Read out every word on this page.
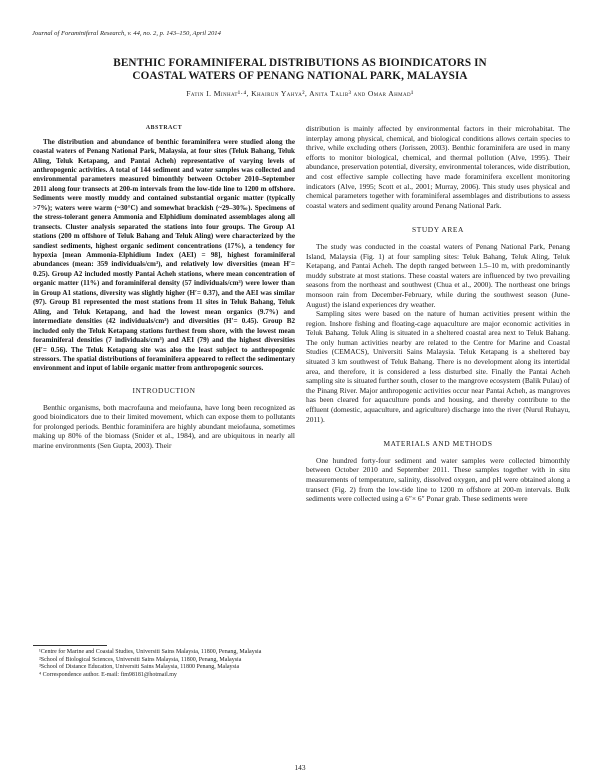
Journal of Foraminiferal Research, v. 44, no. 2, p. 143–150, April 2014
BENTHIC FORAMINIFERAL DISTRIBUTIONS AS BIOINDICATORS IN
COASTAL WATERS OF PENANG NATIONAL PARK, MALAYSIA
Fatin I. Minhat¹·⁴, Khairun Yahya², Anita Talib³ and Omar Ahmad¹
ABSTRACT

The distribution and abundance of benthic foraminifera were studied along the coastal waters of Penang National Park, Malaysia, at four sites (Teluk Bahang, Teluk Aling, Teluk Ketapang, and Pantai Acheh) representative of varying levels of anthropogenic activities. A total of 144 sediment and water samples was collected and environmental parameters measured bimonthly between October 2010–September 2011 along four transects at 200-m intervals from the low-tide line to 1200 m offshore. Sediments were mostly muddy and contained substantial organic matter (typically >7%); waters were warm (~30°C) and somewhat brackish (~29–30‰). Specimens of the stress-tolerant genera Ammonia and Elphidium dominated assemblages along all transects. Cluster analysis separated the stations into four groups. The Group A1 stations (200 m offshore of Teluk Bahang and Teluk Aling) were characterized by the sandiest sediments, highest organic sediment concentrations (17%), a tendency for hypoxia [mean Ammonia-Elphidium Index (AEI) = 98], highest foraminiferal abundances (mean: 359 individuals/cm³), and relatively low diversities (mean H′= 0.25). Group A2 included mostly Pantai Acheh stations, where mean concentration of organic matter (11%) and foraminiferal density (57 individuals/cm³) were lower than in Group A1 stations, diversity was slightly higher (H′= 0.37), and the AEI was similar (97). Group B1 represented the most stations from 11 sites in Teluk Bahang, Teluk Aling, and Teluk Ketapang, and had the lowest mean organics (9.7%) and intermediate densities (42 individuals/cm³) and diversities (H′= 0.45). Group B2 included only the Teluk Ketapang stations furthest from shore, with the lowest mean foraminiferal densities (7 individuals/cm³) and AEI (79) and the highest diversities (H′= 0.56). The Teluk Ketapang site was also the least subject to anthropogenic stressors. The spatial distributions of foraminifera appeared to reflect the sedimentary environment and input of labile organic matter from anthropogenic sources.

INTRODUCTION

Benthic organisms, both macrofauna and meiofauna, have long been recognized as good bioindicators due to their limited movement, which can expose them to pollutants for prolonged periods. Benthic foraminifera are highly abundant meiofauna, sometimes making up 80% of the biomass (Snider et al., 1984), and are ubiquitous in nearly all marine environments (Sen Gupta, 2003). Their

¹Centre for Marine and Coastal Studies, Universiti Sains Malaysia, 11800, Penang, Malaysia

²School of Biological Sciences, Universiti Sains Malaysia, 11800, Penang, Malaysia

³School of Distance Education, Universiti Sains Malaysia, 11800 Penang, Malaysia

⁴ Correspondence author. E-mail: fim98181@hotmail.my

distribution is mainly affected by environmental factors in their microhabitat. The interplay among physical, chemical, and biological conditions allows certain species to thrive, while excluding others (Jorissen, 2003). Benthic foraminifera are used in many efforts to monitor biological, chemical, and thermal pollution (Alve, 1995). Their abundance, preservation potential, diversity, environmental tolerances, wide distribution, and cost effective sample collecting have made foraminifera excellent monitoring indicators (Alve, 1995; Scott et al., 2001; Murray, 2006). This study uses physical and chemical parameters together with foraminiferal assemblages and distributions to assess coastal waters and sediment quality around Penang National Park.

STUDY AREA

The study was conducted in the coastal waters of Penang National Park, Penang Island, Malaysia (Fig. 1) at four sampling sites: Teluk Bahang, Teluk Aling, Teluk Ketapang, and Pantai Acheh. The depth ranged between 1.5–10 m, with predominantly muddy substrate at most stations. These coastal waters are influenced by two prevailing seasons from the northeast and southwest (Chua et al., 2000). The northeast one brings monsoon rain from December-February, while during the southwest season (June-August) the island experiences dry weather.

Sampling sites were based on the nature of human activities present within the region. Inshore fishing and floating-cage aquaculture are major economic activities in Teluk Bahang. Teluk Aling is situated in a sheltered coastal area next to Teluk Bahang. The only human activities nearby are related to the Centre for Marine and Coastal Studies (CEMACS), Universiti Sains Malaysia. Teluk Ketapang is a sheltered bay situated 3 km southwest of Teluk Bahang. There is no development along its intertidal area, and therefore, it is considered a less disturbed site. Finally the Pantai Acheh sampling site is situated further south, closer to the mangrove ecosystem (Balik Pulau) of the Pinang River. Major anthropogenic activities occur near Pantai Acheh, as mangroves has been cleared for aquaculture ponds and housing, and thereby contribute to the effluent (domestic, aquaculture, and agriculture) discharge into the river (Nurul Ruhayu, 2011).

MATERIALS AND METHODS

One hundred forty-four sediment and water samples were collected bimonthly between October 2010 and September 2011. These samples together with in situ measurements of temperature, salinity, dissolved oxygen, and pH were obtained along a transect (Fig. 2) from the low-tide line to 1200 m offshore at 200-m intervals. Bulk sediments were collected using a 6″× 6″ Ponar grab. These sediments were

143
